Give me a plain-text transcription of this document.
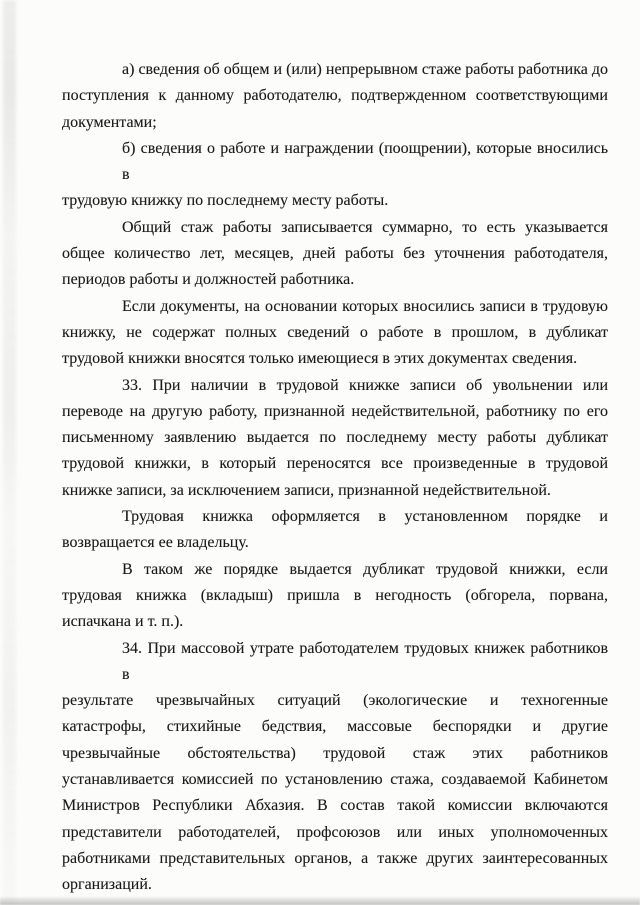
а) сведения об общем и (или) непрерывном стаже работы работника до
поступления к данному работодателю, подтвержденном соответствующими
документами;
б) сведения о работе и награждении (поощрении), которые вносились в
трудовую книжку по последнему месту работы.
Общий стаж работы записывается суммарно, то есть указывается
общее количество лет, месяцев, дней работы без уточнения работодателя,
периодов работы и должностей работника.
Если документы, на основании которых вносились записи в трудовую
книжку, не содержат полных сведений о работе в прошлом, в дубликат
трудовой книжки вносятся только имеющиеся в этих документах сведения.
33. При наличии в трудовой книжке записи об увольнении или
переводе на другую работу, признанной недействительной, работнику по его
письменному заявлению выдается по последнему месту работы дубликат
трудовой книжки, в который переносятся все произведенные в трудовой
книжке записи, за исключением записи, признанной недействительной.
Трудовая книжка оформляется в установленном порядке и
возвращается ее владельцу.
В таком же порядке выдается дубликат трудовой книжки, если
трудовая книжка (вкладыш) пришла в негодность (обгорела, порвана,
испачкана и т. п.).
34. При массовой утрате работодателем трудовых книжек работников в
результате чрезвычайных ситуаций (экологические и техногенные
катастрофы, стихийные бедствия, массовые беспорядки и другие
чрезвычайные обстоятельства) трудовой стаж этих работников
устанавливается комиссией по установлению стажа, создаваемой Кабинетом
Министров Республики Абхазия. В состав такой комиссии включаются
представители работодателей, профсоюзов или иных уполномоченных
работниками представительных органов, а также других заинтересованных
организаций.
